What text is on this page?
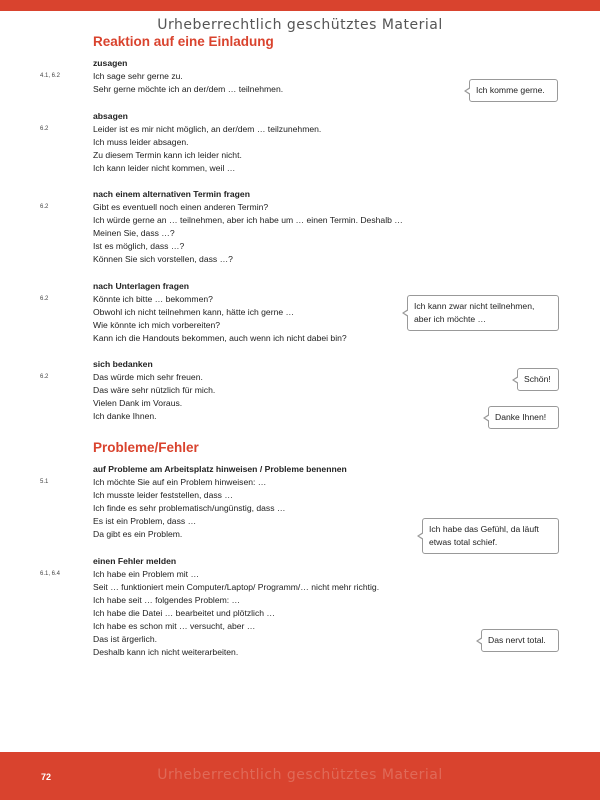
Urheberrechtlich geschütztes Material
Reaktion auf eine Einladung
zusagen
4.1, 6.2	Ich sage sehr gerne zu.
Sehr gerne möchte ich an der/dem … teilnehmen.
absagen
6.2	Leider ist es mir nicht möglich, an der/dem … teilzunehmen.
Ich muss leider absagen.
Zu diesem Termin kann ich leider nicht.
Ich kann leider nicht kommen, weil …
nach einem alternativen Termin fragen
6.2	Gibt es eventuell noch einen anderen Termin?
Ich würde gerne an … teilnehmen, aber ich habe um … einen Termin. Deshalb …
Meinen Sie, dass …?
Ist es möglich, dass …?
Können Sie sich vorstellen, dass …?
nach Unterlagen fragen
6.2	Könnte ich bitte … bekommen?
Obwohl ich nicht teilnehmen kann, hätte ich gerne …
Wie könnte ich mich vorbereiten?
Kann ich die Handouts bekommen, auch wenn ich nicht dabei bin?
sich bedanken
6.2	Das würde mich sehr freuen.
Das wäre sehr nützlich für mich.
Vielen Dank im Voraus.
Ich danke Ihnen.
Ich komme gerne.
Ich kann zwar nicht teilnehmen, aber ich möchte …
Schön!
Danke Ihnen!
Probleme/Fehler
auf Probleme am Arbeitsplatz hinweisen / Probleme benennen
5.1	Ich möchte Sie auf ein Problem hinweisen: …
Ich musste leider feststellen, dass …
Ich finde es sehr problematisch/ungünstig, dass …
Es ist ein Problem, dass …
Da gibt es ein Problem.
einen Fehler melden
6.1, 6.4	Ich habe ein Problem mit …
Seit … funktioniert mein Computer/Laptop/ Programm/… nicht mehr richtig.
Ich habe seit … folgendes Problem: …
Ich habe die Datei … bearbeitet und plötzlich …
Ich habe es schon mit … versucht, aber …
Das ist ärgerlich.
Deshalb kann ich nicht weiterarbeiten.
Ich habe das Gefühl, da läuft etwas total schief.
Das nervt total.
72	Urheberrechtlich geschütztes Material
